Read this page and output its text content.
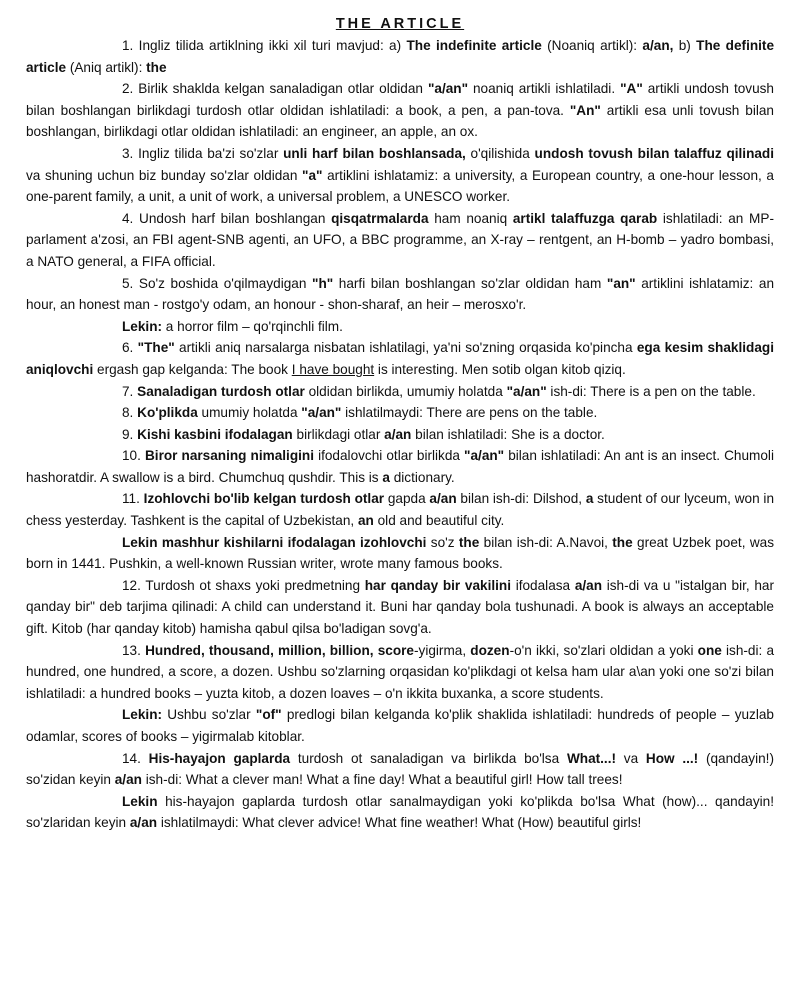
THE ARTICLE

1. Ingliz tilida artiklning ikki xil turi mavjud: a) The indefinite article (Noaniq artikl): a/an, b) The definite article (Aniq artikl): the

2. Birlik shaklda kelgan sanaladigan otlar oldidan "a/an" noaniq artikli ishlatiladi. "A" artikli undosh tovush bilan boshlangan birlikdagi turdosh otlar oldidan ishlatiladi: a book, a pen, a pan-tova. "An" artikli esa unli tovush bilan boshlangan, birlikdagi otlar oldidan ishlatiladi: an engineer, an apple, an ox.

3. Ingliz tilida ba'zi so'zlar unli harf bilan boshlansada, o'qilishida undosh tovush bilan talaffuz qilinadi va shuning uchun biz bunday so'zlar oldidan "a" artiklini ishlatamiz: a university, a European country, a one-hour lesson, a one-parent family, a unit, a unit of work, a universal problem, a UNESCO worker.

4. Undosh harf bilan boshlangan qisqatrmalarda ham noaniq artikl talaffuzga qarab ishlatiladi: an MP-parlament a'zosi, an FBI agent-SNB agenti, an UFO, a BBC programme, an X-ray – rentgent, an H-bomb – yadro bombasi, a NATO general, a FIFA official.

5. So'z boshida o'qilmaydigan "h" harfi bilan boshlangan so'zlar oldidan ham "an" artiklini ishlatamiz: an hour, an honest man - rostgo'y odam, an honour - shon-sharaf, an heir – merosxo'r.

Lekin: a horror film – qo'rqinchli film.

6. "The" artikli aniq narsalarga nisbatan ishlatilagi, ya'ni so'zning orqasida ko'pincha ega kesim shaklidagi aniqlovchi ergash gap kelganda: The book I have bought is interesting. Men sotib olgan kitob qiziq.

7. Sanaladigan turdosh otlar oldidan birlikda, umumiy holatda "a/an" ish-di: There is a pen on the table.

8. Ko'plikda umumiy holatda "a/an" ishlatilmaydi: There are pens on the table.

9. Kishi kasbini ifodalagan birlikdagi otlar a/an bilan ishlatiladi: She is a doctor.

10. Biror narsaning nimaligini ifodalovchi otlar birlikda "a/an" bilan ishlatiladi: An ant is an insect. Chumoli hashoratdir. A swallow is a bird. Chumchuq qushdir. This is a dictionary.

11. Izohlovchi bo'lib kelgan turdosh otlar gapda a/an bilan ish-di: Dilshod, a student of our lyceum, won in chess yesterday. Tashkent is the capital of Uzbekistan, an old and beautiful city.

Lekin mashhur kishilarni ifodalagan izohlovchi so'z the bilan ish-di: A.Navoi, the great Uzbek poet, was born in 1441. Pushkin, a well-known Russian writer, wrote many famous books.

12. Turdosh ot shaxs yoki predmetning har qanday bir vakilini ifodalasa a/an ish-di va u "istalgan bir, har qanday bir" deb tarjima qilinadi: A child can understand it. Buni har qanday bola tushunadi. A book is always an acceptable gift. Kitob (har qanday kitob) hamisha qabul qilsa bo'ladigan sovg'a.

13. Hundred, thousand, million, billion, score-yigirma, dozen-o'n ikki, so'zlari oldidan a yoki one ish-di: a hundred, one hundred, a score, a dozen. Ushbu so'zlarning orqasidan ko'plikdagi ot kelsa ham ular a\an yoki one so'zi bilan ishlatiladi: a hundred books – yuzta kitob, a dozen loaves – o'n ikkita buxanka, a score students.

Lekin: Ushbu so'zlar "of" predlogi bilan kelganda ko'plik shaklida ishlatiladi: hundreds of people – yuzlab odamlar, scores of books – yigirmalab kitoblar.

14. His-hayajon gaplarda turdosh ot sanaladigan va birlikda bo'lsa What...! va How ...! (qandayin!) so'zidan keyin a/an ish-di: What a clever man! What a fine day! What a beautiful girl! How tall trees!

Lekin his-hayajon gaplarda turdosh otlar sanalmaydigan yoki ko'plikda bo'lsa What (how)... qandayin! so'zlaridan keyin a/an ishlatilmaydi: What clever advice! What fine weather! What (How) beautiful girls!
